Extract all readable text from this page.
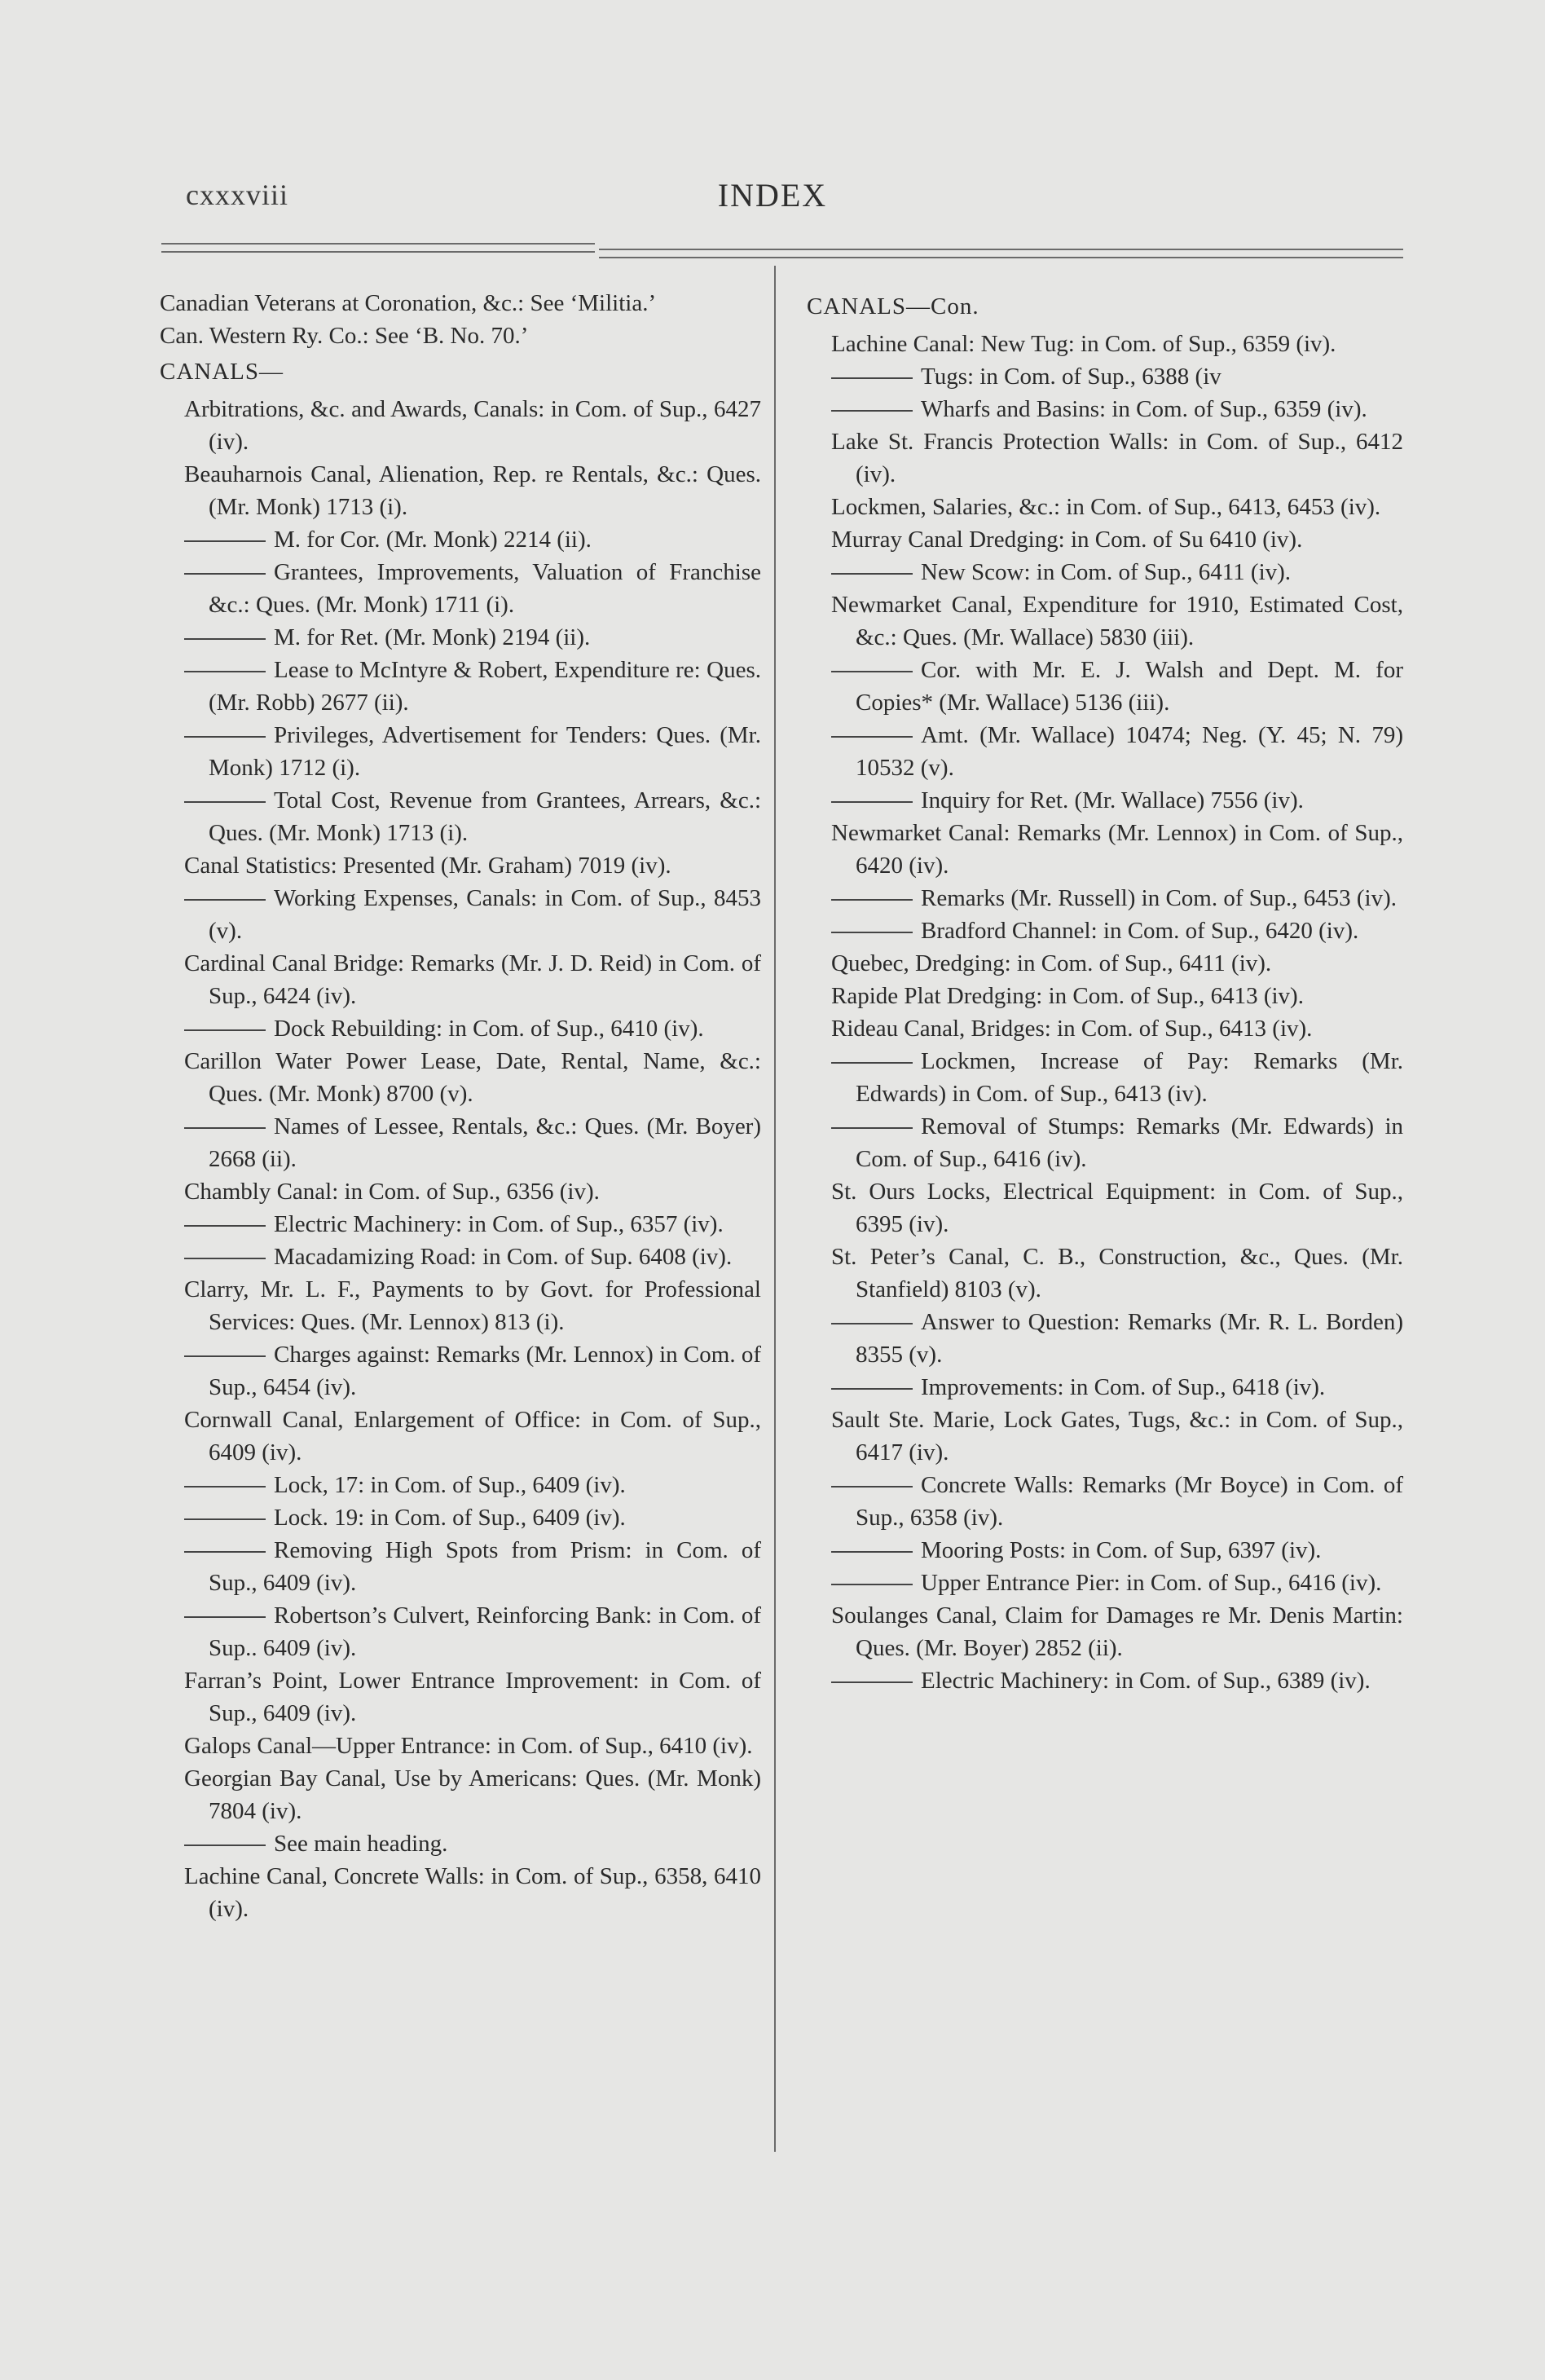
cxxxviii	INDEX
Canadian Veterans at Coronation, &c.: See ‘Militia.’
Can. Western Ry. Co.: See ‘B. No. 70.’
CANALS—
Arbitrations, &c. and Awards, Canals: in Com. of Sup., 6427 (iv).
Beauharnois Canal, Alienation, Rep. re Rentals, &c.: Ques. (Mr. Monk) 1713 (i).
M. for Cor. (Mr. Monk) 2214 (ii).
Grantees, Improvements, Valuation of Franchise &c.: Ques. (Mr. Monk) 1711 (i).
M. for Ret. (Mr. Monk) 2194 (ii).
Lease to McIntyre & Robert, Expenditure re: Ques. (Mr. Robb) 2677 (ii).
Privileges, Advertisement for Tenders: Ques. (Mr. Monk) 1712 (i).
Total Cost, Revenue from Grantees, Arrears, &c.: Ques. (Mr. Monk) 1713 (i).
Canal Statistics: Presented (Mr. Graham) 7019 (iv).
Working Expenses, Canals: in Com. of Sup., 8453 (v).
Cardinal Canal Bridge: Remarks (Mr. J. D. Reid) in Com. of Sup., 6424 (iv).
Dock Rebuilding: in Com. of Sup., 6410 (iv).
Carillon Water Power Lease, Date, Rental, Name, &c.: Ques. (Mr. Monk) 8700 (v).
Names of Lessee, Rentals, &c.: Ques. (Mr. Boyer) 2668 (ii).
Chambly Canal: in Com. of Sup., 6356 (iv).
Electric Machinery: in Com. of Sup., 6357 (iv).
Macadamizing Road: in Com. of Sup. 6408 (iv).
Clarry, Mr. L. F., Payments to by Govt. for Professional Services: Ques. (Mr. Lennox) 813 (i).
Charges against: Remarks (Mr. Lennox) in Com. of Sup., 6454 (iv).
Cornwall Canal, Enlargement of Office: in Com. of Sup., 6409 (iv).
Lock, 17: in Com. of Sup., 6409 (iv).
Lock. 19: in Com. of Sup., 6409 (iv).
Removing High Spots from Prism: in Com. of Sup., 6409 (iv).
Robertson’s Culvert, Reinforcing Bank: in Com. of Sup.. 6409 (iv).
Farran’s Point, Lower Entrance Improvement: in Com. of Sup., 6409 (iv).
Galops Canal—Upper Entrance: in Com. of Sup., 6410 (iv).
Georgian Bay Canal, Use by Americans: Ques. (Mr. Monk) 7804 (iv).
See main heading.
Lachine Canal, Concrete Walls: in Com. of Sup., 6358, 6410 (iv).
CANALS—Con.
Lachine Canal: New Tug: in Com. of Sup., 6359 (iv).
Tugs: in Com. of Sup., 6388 (iv
Wharfs and Basins: in Com. of Sup., 6359 (iv).
Lake St. Francis Protection Walls: in Com. of Sup., 6412 (iv).
Lockmen, Salaries, &c.: in Com. of Sup., 6413, 6453 (iv).
Murray Canal Dredging: in Com. of Su 6410 (iv).
New Scow: in Com. of Sup., 6411 (iv).
Newmarket Canal, Expenditure for 1910, Estimated Cost, &c.: Ques. (Mr. Wallace) 5830 (iii).
Cor. with Mr. E. J. Walsh and Dept. M. for Copies* (Mr. Wallace) 5136 (iii).
Amt. (Mr. Wallace) 10474; Neg. (Y. 45; N. 79) 10532 (v).
Inquiry for Ret. (Mr. Wallace) 7556 (iv).
Newmarket Canal: Remarks (Mr. Lennox) in Com. of Sup., 6420 (iv).
Remarks (Mr. Russell) in Com. of Sup., 6453 (iv).
Bradford Channel: in Com. of Sup., 6420 (iv).
Quebec, Dredging: in Com. of Sup., 6411 (iv).
Rapide Plat Dredging: in Com. of Sup., 6413 (iv).
Rideau Canal, Bridges: in Com. of Sup., 6413 (iv).
Lockmen, Increase of Pay: Remarks (Mr. Edwards) in Com. of Sup., 6413 (iv).
Removal of Stumps: Remarks (Mr. Edwards) in Com. of Sup., 6416 (iv).
St. Ours Locks, Electrical Equipment: in Com. of Sup., 6395 (iv).
St. Peter’s Canal, C. B., Construction, &c., Ques. (Mr. Stanfield) 8103 (v).
Answer to Question: Remarks (Mr. R. L. Borden) 8355 (v).
Improvements: in Com. of Sup., 6418 (iv).
Sault Ste. Marie, Lock Gates, Tugs, &c.: in Com. of Sup., 6417 (iv).
Concrete Walls: Remarks (Mr Boyce) in Com. of Sup., 6358 (iv).
Mooring Posts: in Com. of Sup, 6397 (iv).
Upper Entrance Pier: in Com. of Sup., 6416 (iv).
Soulanges Canal, Claim for Damages re Mr. Denis Martin: Ques. (Mr. Boyer) 2852 (ii).
Electric Machinery: in Com. of Sup., 6389 (iv).
